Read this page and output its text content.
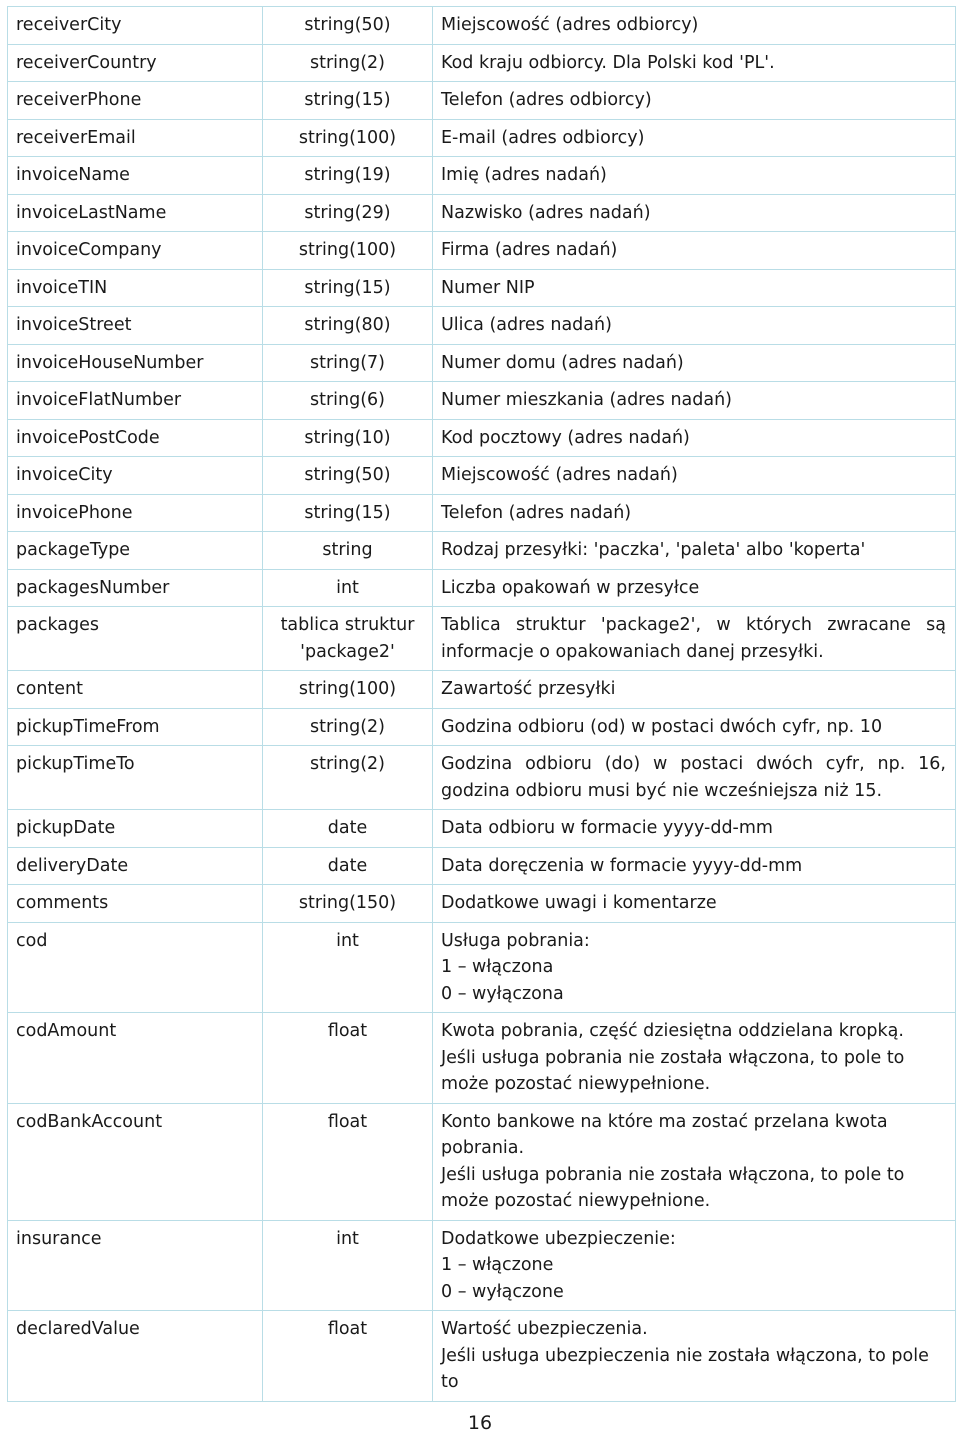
receiverCity	string(50)	Miejscowość (adres odbiorcy)
receiverCountry	string(2)	Kod kraju odbiorcy. Dla Polski kod 'PL'.
receiverPhone	string(15)	Telefon (adres odbiorcy)
receiverEmail	string(100)	E-mail (adres odbiorcy)
invoiceName	string(19)	Imię (adres nadań)
invoiceLastName	string(29)	Nazwisko (adres nadań)
invoiceCompany	string(100)	Firma (adres nadań)
invoiceTIN	string(15)	Numer NIP
invoiceStreet	string(80)	Ulica (adres nadań)
invoiceHouseNumber	string(7)	Numer domu (adres nadań)
invoiceFlatNumber	string(6)	Numer mieszkania (adres nadań)
invoicePostCode	string(10)	Kod pocztowy (adres nadań)
invoiceCity	string(50)	Miejscowość (adres nadań)
invoicePhone	string(15)	Telefon (adres nadań)
packageType	string	Rodzaj przesyłki: 'paczka', 'paleta' albo 'koperta'
packagesNumber	int	Liczba opakowań w przesyłce
packages	tablica struktur 'package2'	Tablica struktur 'package2', w których zwracane są informacje o opakowaniach danej przesyłki.
content	string(100)	Zawartość przesyłki
pickupTimeFrom	string(2)	Godzina odbioru (od) w postaci dwóch cyfr, np. 10
pickupTimeTo	string(2)	Godzina odbioru (do) w postaci dwóch cyfr, np. 16, godzina odbioru musi być nie wcześniejsza niż 15.
pickupDate	date	Data odbioru w formacie yyyy-dd-mm
deliveryDate	date	Data doręczenia w formacie yyyy-dd-mm
comments	string(150)	Dodatkowe uwagi i komentarze
cod	int	Usługa pobrania:
1 – włączona
0 – wyłączona
codAmount	float	Kwota pobrania, część dziesiętna oddzielana kropką.
Jeśli usługa pobrania nie została włączona, to pole to może pozostać niewypełnione.
codBankAccount	float	Konto bankowe na które ma zostać przelana kwota pobrania.
Jeśli usługa pobrania nie została włączona, to pole to może pozostać niewypełnione.
insurance	int	Dodatkowe ubezpieczenie:
1 – włączone
0 – wyłączone
declaredValue	float	Wartość ubezpieczenia.
Jeśli usługa ubezpieczenia nie została włączona, to pole to
16
